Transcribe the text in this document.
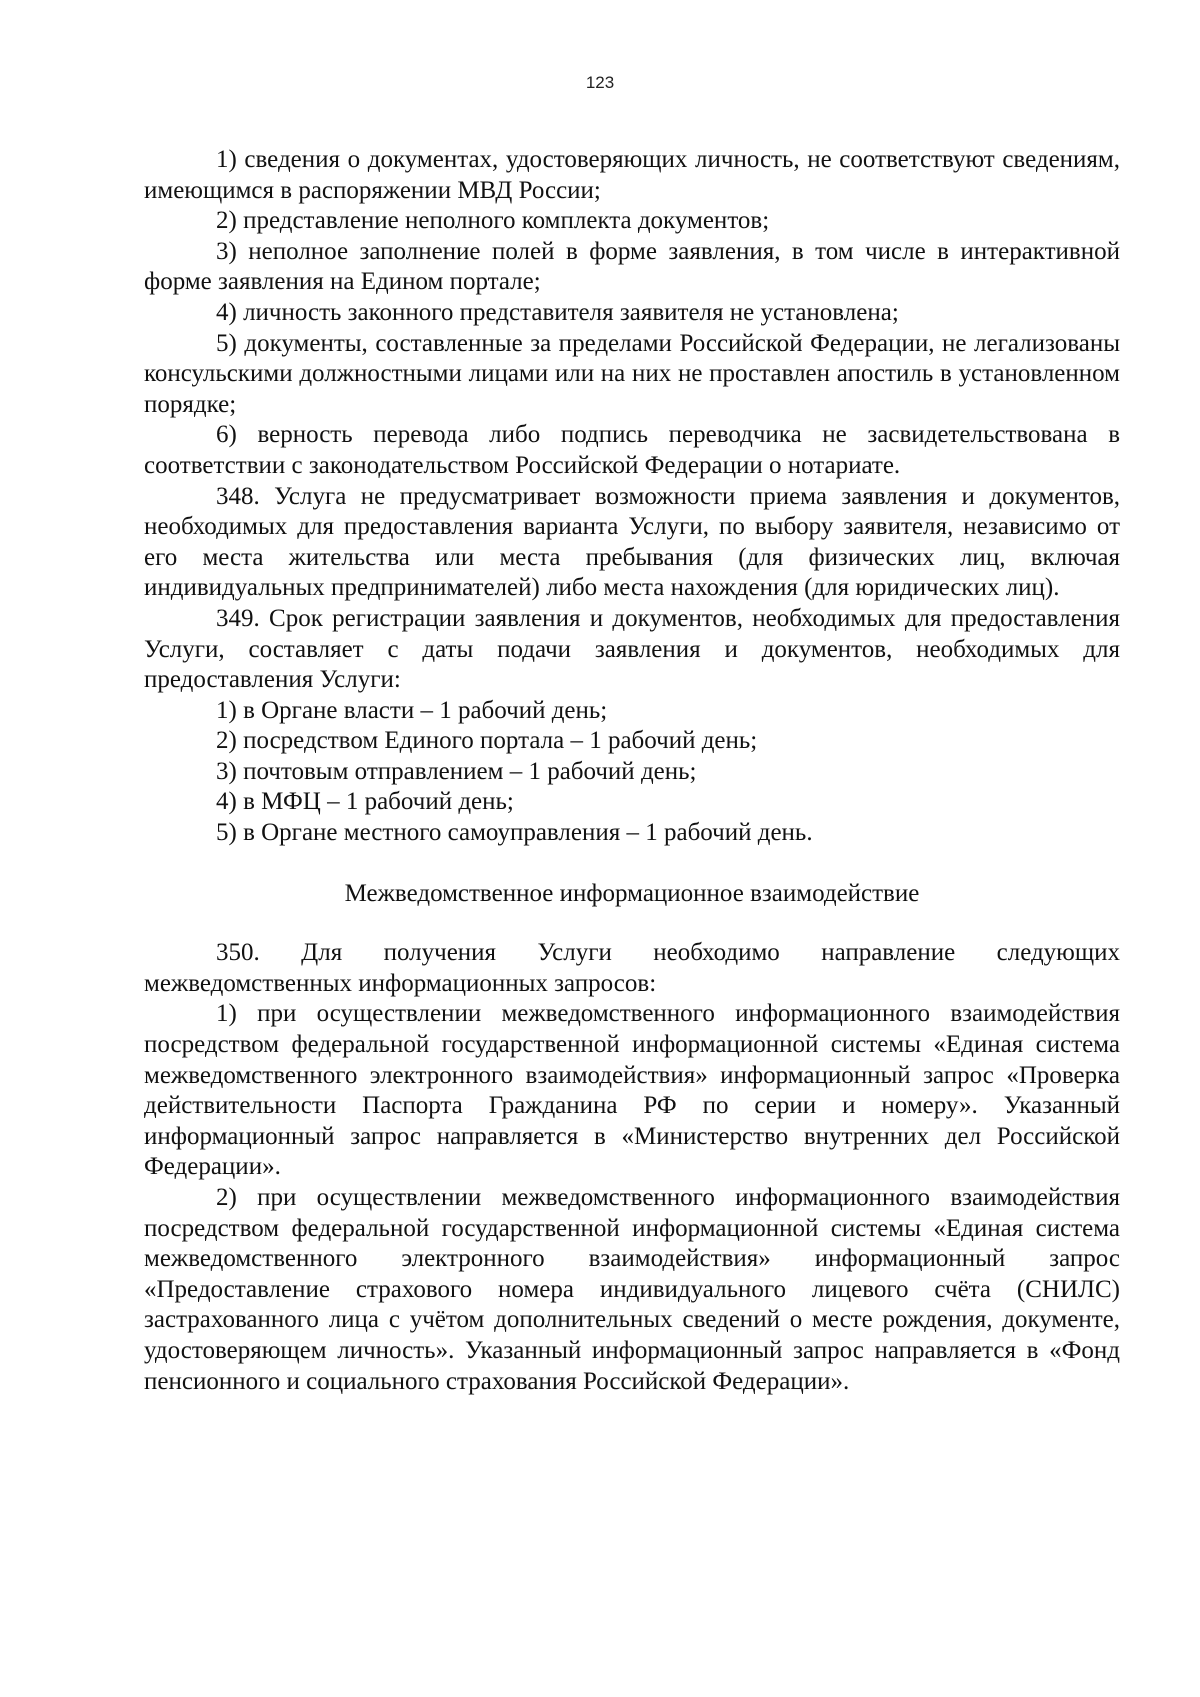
123

1) сведения о документах, удостоверяющих личность, не соответствуют сведениям, имеющимся в распоряжении МВД России;

2) представление неполного комплекта документов;

3) неполное заполнение полей в форме заявления, в том числе в интерактивной форме заявления на Едином портале;

4) личность законного представителя заявителя не установлена;

5) документы, составленные за пределами Российской Федерации, не легализованы консульскими должностными лицами или на них не проставлен апостиль в установленном порядке;

6) верность перевода либо подпись переводчика не засвидетельствована в соответствии с законодательством Российской Федерации о нотариате.

348. Услуга не предусматривает возможности приема заявления и документов, необходимых для предоставления варианта Услуги, по выбору заявителя, независимо от его места жительства или места пребывания (для физических лиц, включая индивидуальных предпринимателей) либо места нахождения (для юридических лиц).

349. Срок регистрации заявления и документов, необходимых для предоставления Услуги, составляет с даты подачи заявления и документов, необходимых для предоставления Услуги:

1) в Органе власти – 1 рабочий день;

2) посредством Единого портала – 1 рабочий день;

3) почтовым отправлением – 1 рабочий день;

4) в МФЦ – 1 рабочий день;

5) в Органе местного самоуправления – 1 рабочий день.

Межведомственное информационное взаимодействие

350. Для получения Услуги необходимо направление следующих межведомственных информационных запросов:

1) при осуществлении межведомственного информационного взаимодействия посредством федеральной государственной информационной системы «Единая система межведомственного электронного взаимодействия» информационный запрос «Проверка действительности Паспорта Гражданина РФ по серии и номеру». Указанный информационный запрос направляется в «Министерство внутренних дел Российской Федерации».

2) при осуществлении межведомственного информационного взаимодействия посредством федеральной государственной информационной системы «Единая система межведомственного электронного взаимодействия» информационный запрос «Предоставление страхового номера индивидуального лицевого счёта (СНИЛС) застрахованного лица с учётом дополнительных сведений о месте рождения, документе, удостоверяющем личность». Указанный информационный запрос направляется в «Фонд пенсионного и социального страхования Российской Федерации».
